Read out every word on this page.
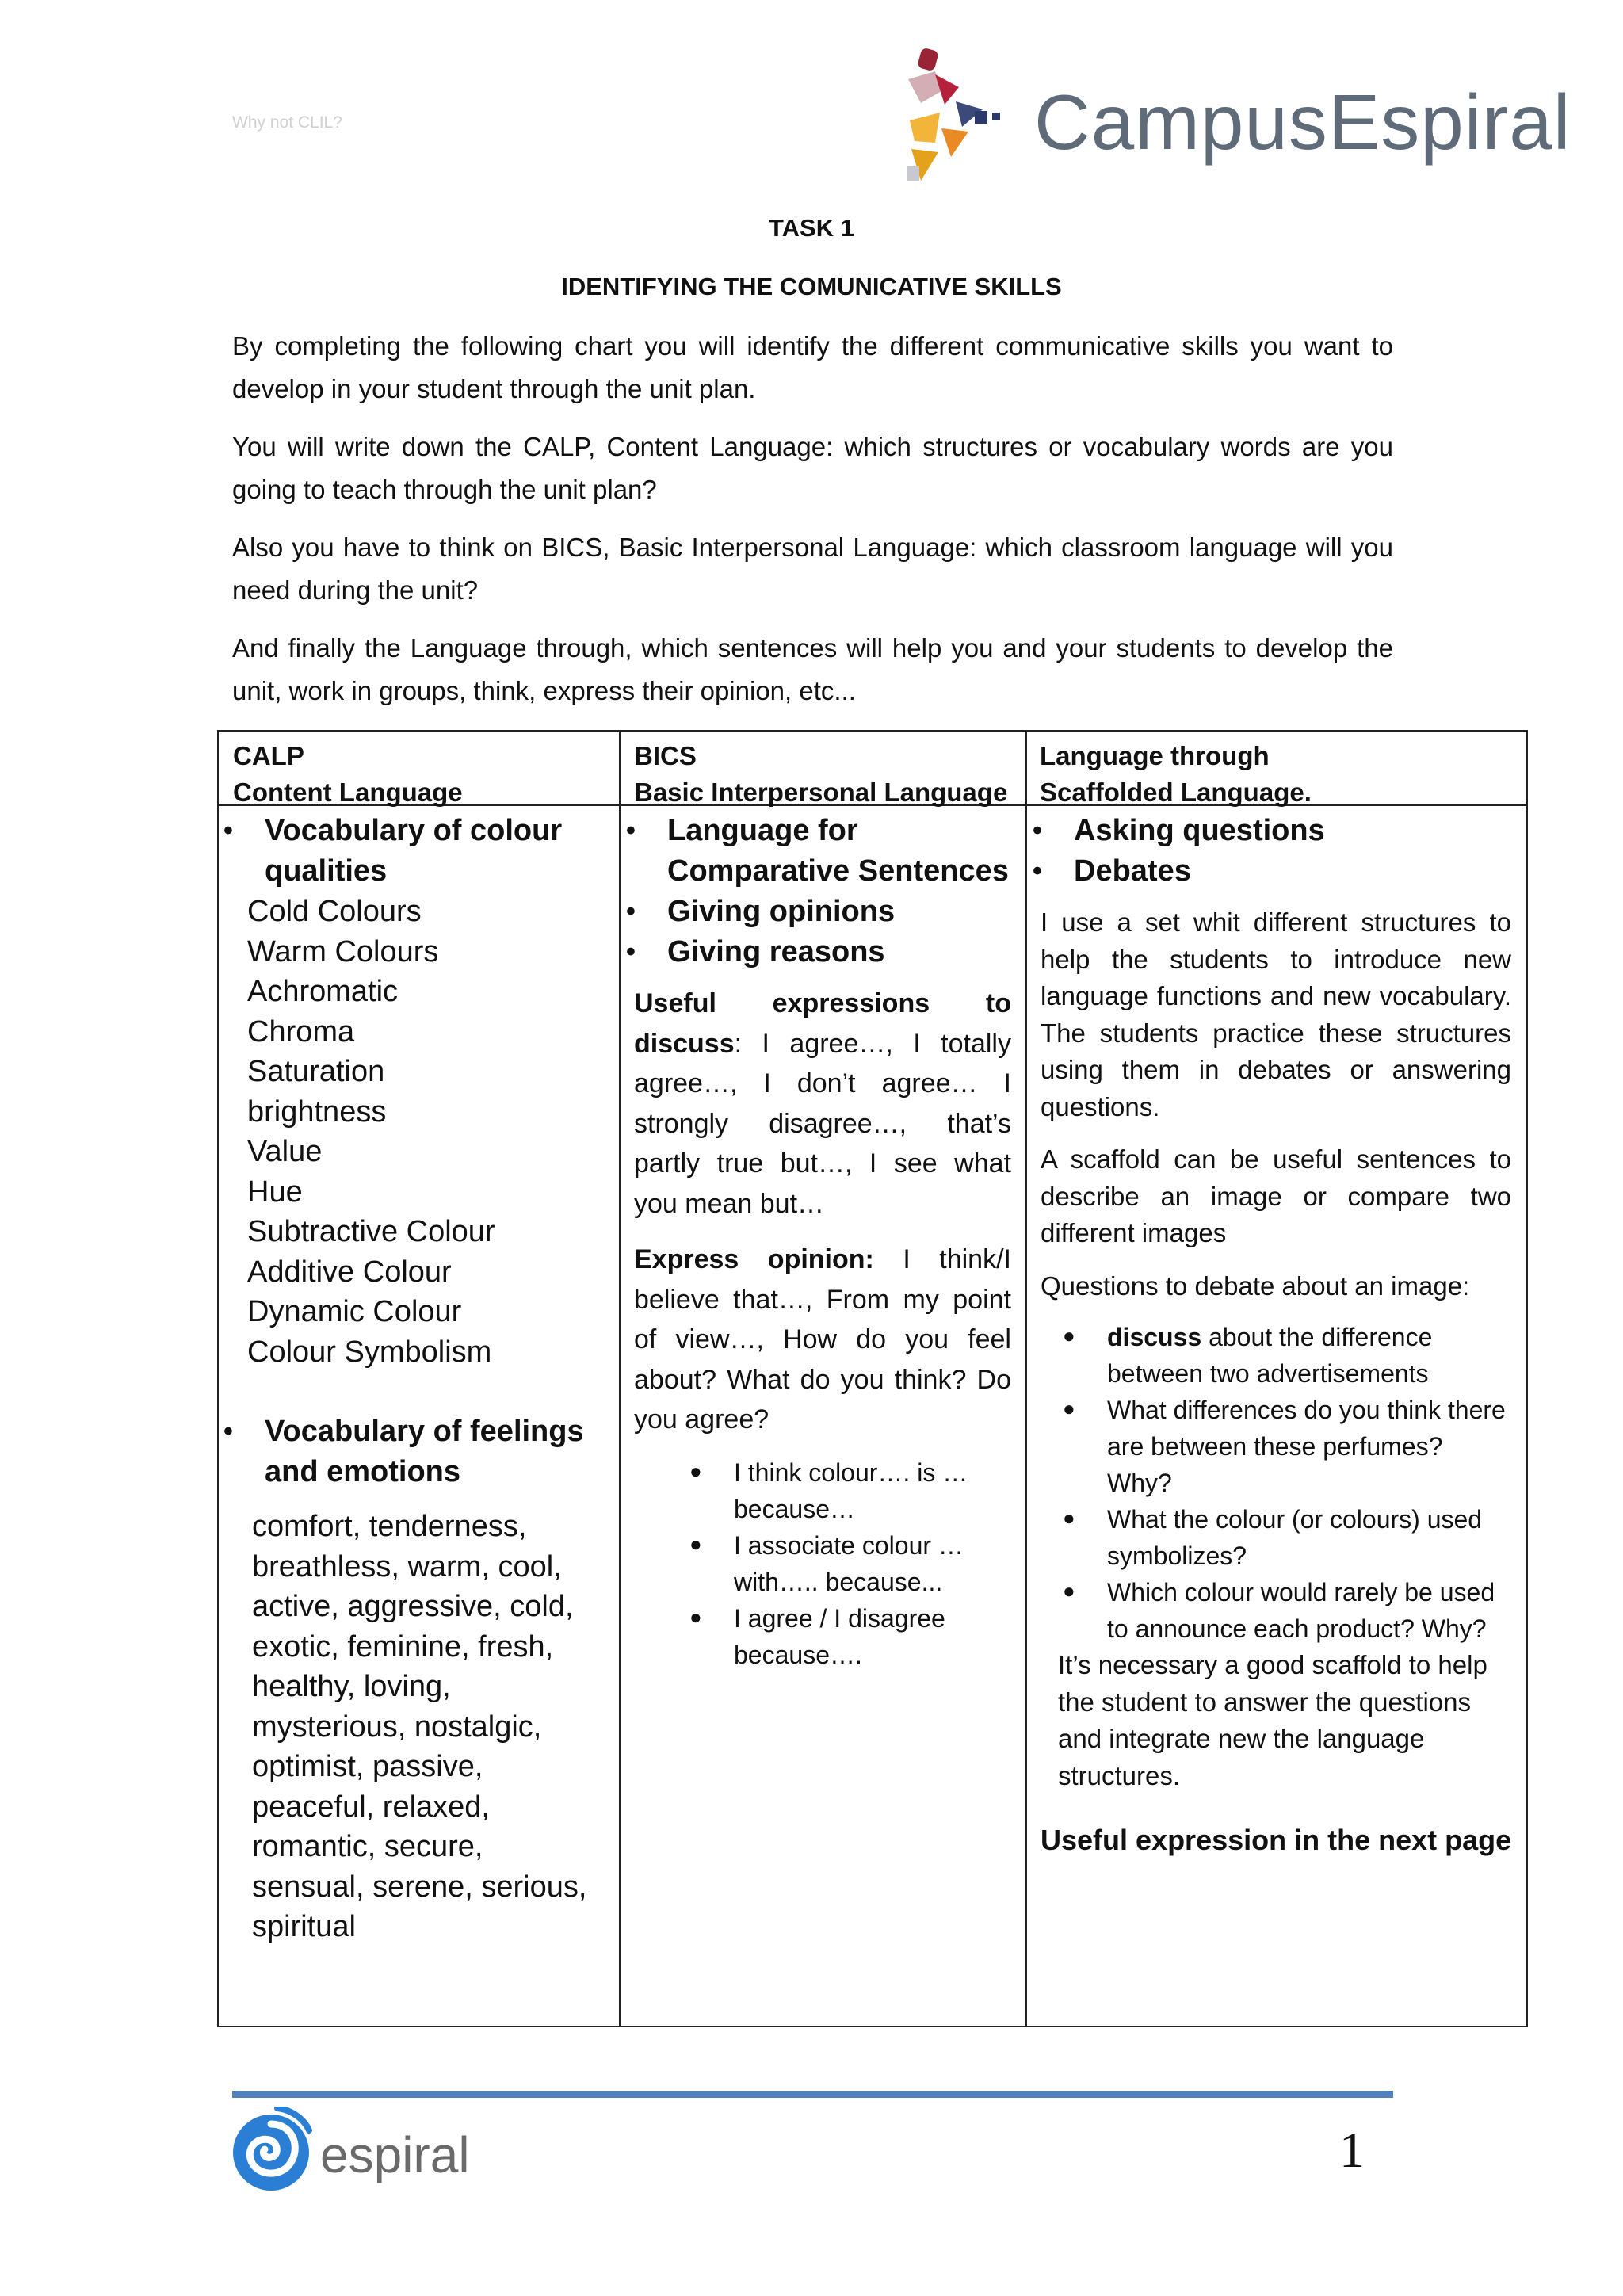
Why not CLIL?	CampusEspiral
TASK 1
IDENTIFYING THE COMUNICATIVE SKILLS
By completing the following chart you will identify the different communicative skills you want to develop in your student through the unit plan.
You will write down the CALP, Content Language: which structures or vocabulary words are you going to teach through the unit plan?
Also you have to think on BICS, Basic Interpersonal Language: which classroom language will you need during the unit?
And finally the Language through, which sentences will help you and your students to develop the unit, work in groups, think, express their opinion, etc...
CALP
Content Language
BICS
Basic Interpersonal Language
Language through
Scaffolded Language.
• Vocabulary of colour qualities
Cold Colours
Warm Colours
Achromatic
Chroma
Saturation
brightness
Value
Hue
Subtractive Colour
Additive Colour
Dynamic Colour
Colour Symbolism
• Vocabulary of feelings and emotions
comfort, tenderness, breathless, warm, cool, active, aggressive, cold, exotic, feminine, fresh, healthy, loving, mysterious, nostalgic, optimist, passive, peaceful, relaxed, romantic, secure, sensual, serene, serious, spiritual
• Language for Comparative Sentences
• Giving opinions
• Giving reasons
Useful expressions to discuss: I agree…, I totally agree…, I don’t agree… I strongly disagree…, that’s partly true but…, I see what you mean but…
Express opinion: I think/I believe that…, From my point of view…, How do you feel about? What do you think? Do you agree?
● I think colour…. is … because…
● I associate colour … with….. because...
● I agree / I disagree because….
• Asking questions
• Debates
I use a set whit different structures to help the students to introduce new language functions and new vocabulary. The students practice these structures using them in debates or answering questions.
A scaffold can be useful sentences to describe an image or compare two different images
Questions to debate about an image:
● discuss about the difference between two advertisements
● What differences do you think there are between these perfumes? Why?
● What the colour (or colours) used symbolizes?
● Which colour would rarely be used to announce each product? Why?
It’s necessary a good scaffold to help the student to answer the questions and integrate new the language structures.
Useful expression in the next page
espiral	1
